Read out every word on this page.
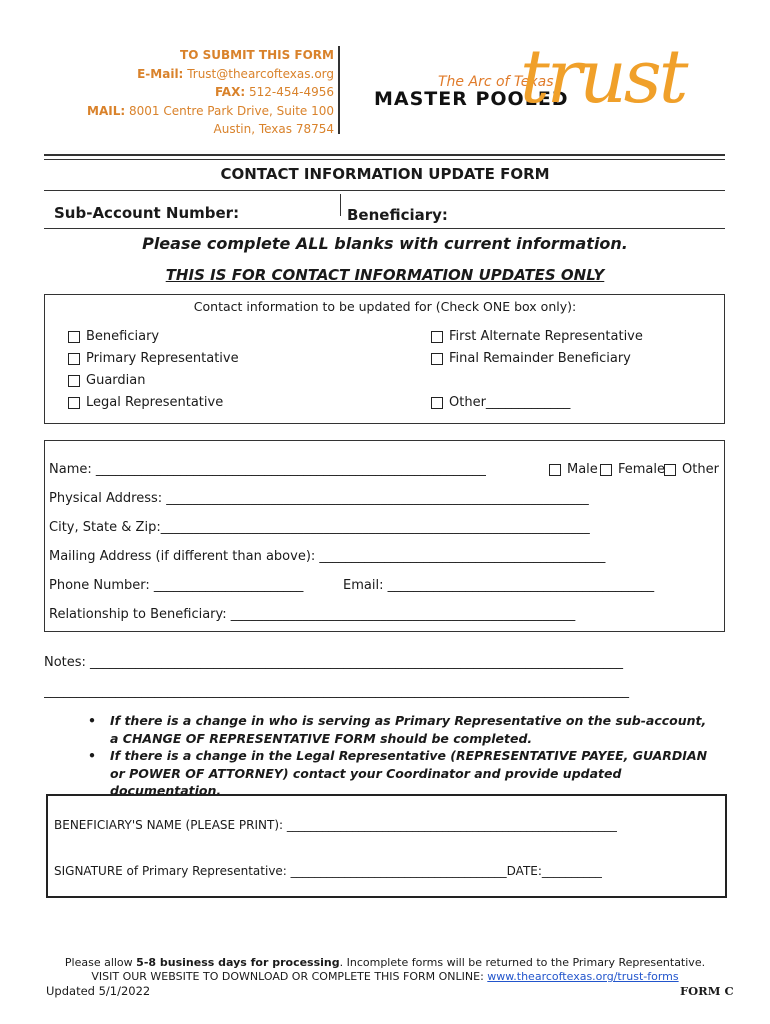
TO SUBMIT THIS FORM
E-Mail: Trust@thearcoftexas.org
FAX: 512-454-4956
MAIL: 8001 Centre Park Drive, Suite 100
Austin, Texas 78754
The Arc of Texas
MASTER POOLED
trust
CONTACT INFORMATION UPDATE FORM
Sub-Account Number:	Beneficiary:
Please complete ALL blanks with current information.
THIS IS FOR CONTACT INFORMATION UPDATES ONLY
Contact information to be updated for (Check ONE box only):
Beneficiary
Primary Representative
Guardian
Legal Representative
First Alternate Representative
Final Remainder Beneficiary
Other_____________
Name: ____________________________________________________________	Male Female Other
Physical Address: _________________________________________________________________
City, State & Zip:__________________________________________________________________
Mailing Address (if different than above): ____________________________________________
Phone Number: _______________________	Email: _________________________________________
Relationship to Beneficiary: _____________________________________________________
Notes: __________________________________________________________________________________
__________________________________________________________________________________________
• If there is a change in who is serving as Primary Representative on the sub-account, a CHANGE OF REPRESENTATIVE FORM should be completed.
• If there is a change in the Legal Representative (REPRESENTATIVE PAYEE, GUARDIAN or POWER OF ATTORNEY) contact your Coordinator and provide updated documentation.
BENEFICIARY'S NAME (PLEASE PRINT): _______________________________________________________
SIGNATURE of Primary Representative: ____________________________________DATE:__________
Please allow 5-8 business days for processing. Incomplete forms will be returned to the Primary Representative.
VISIT OUR WEBSITE TO DOWNLOAD OR COMPLETE THIS FORM ONLINE: www.thearcoftexas.org/trust-forms
Updated 5/1/2022	FORM C
